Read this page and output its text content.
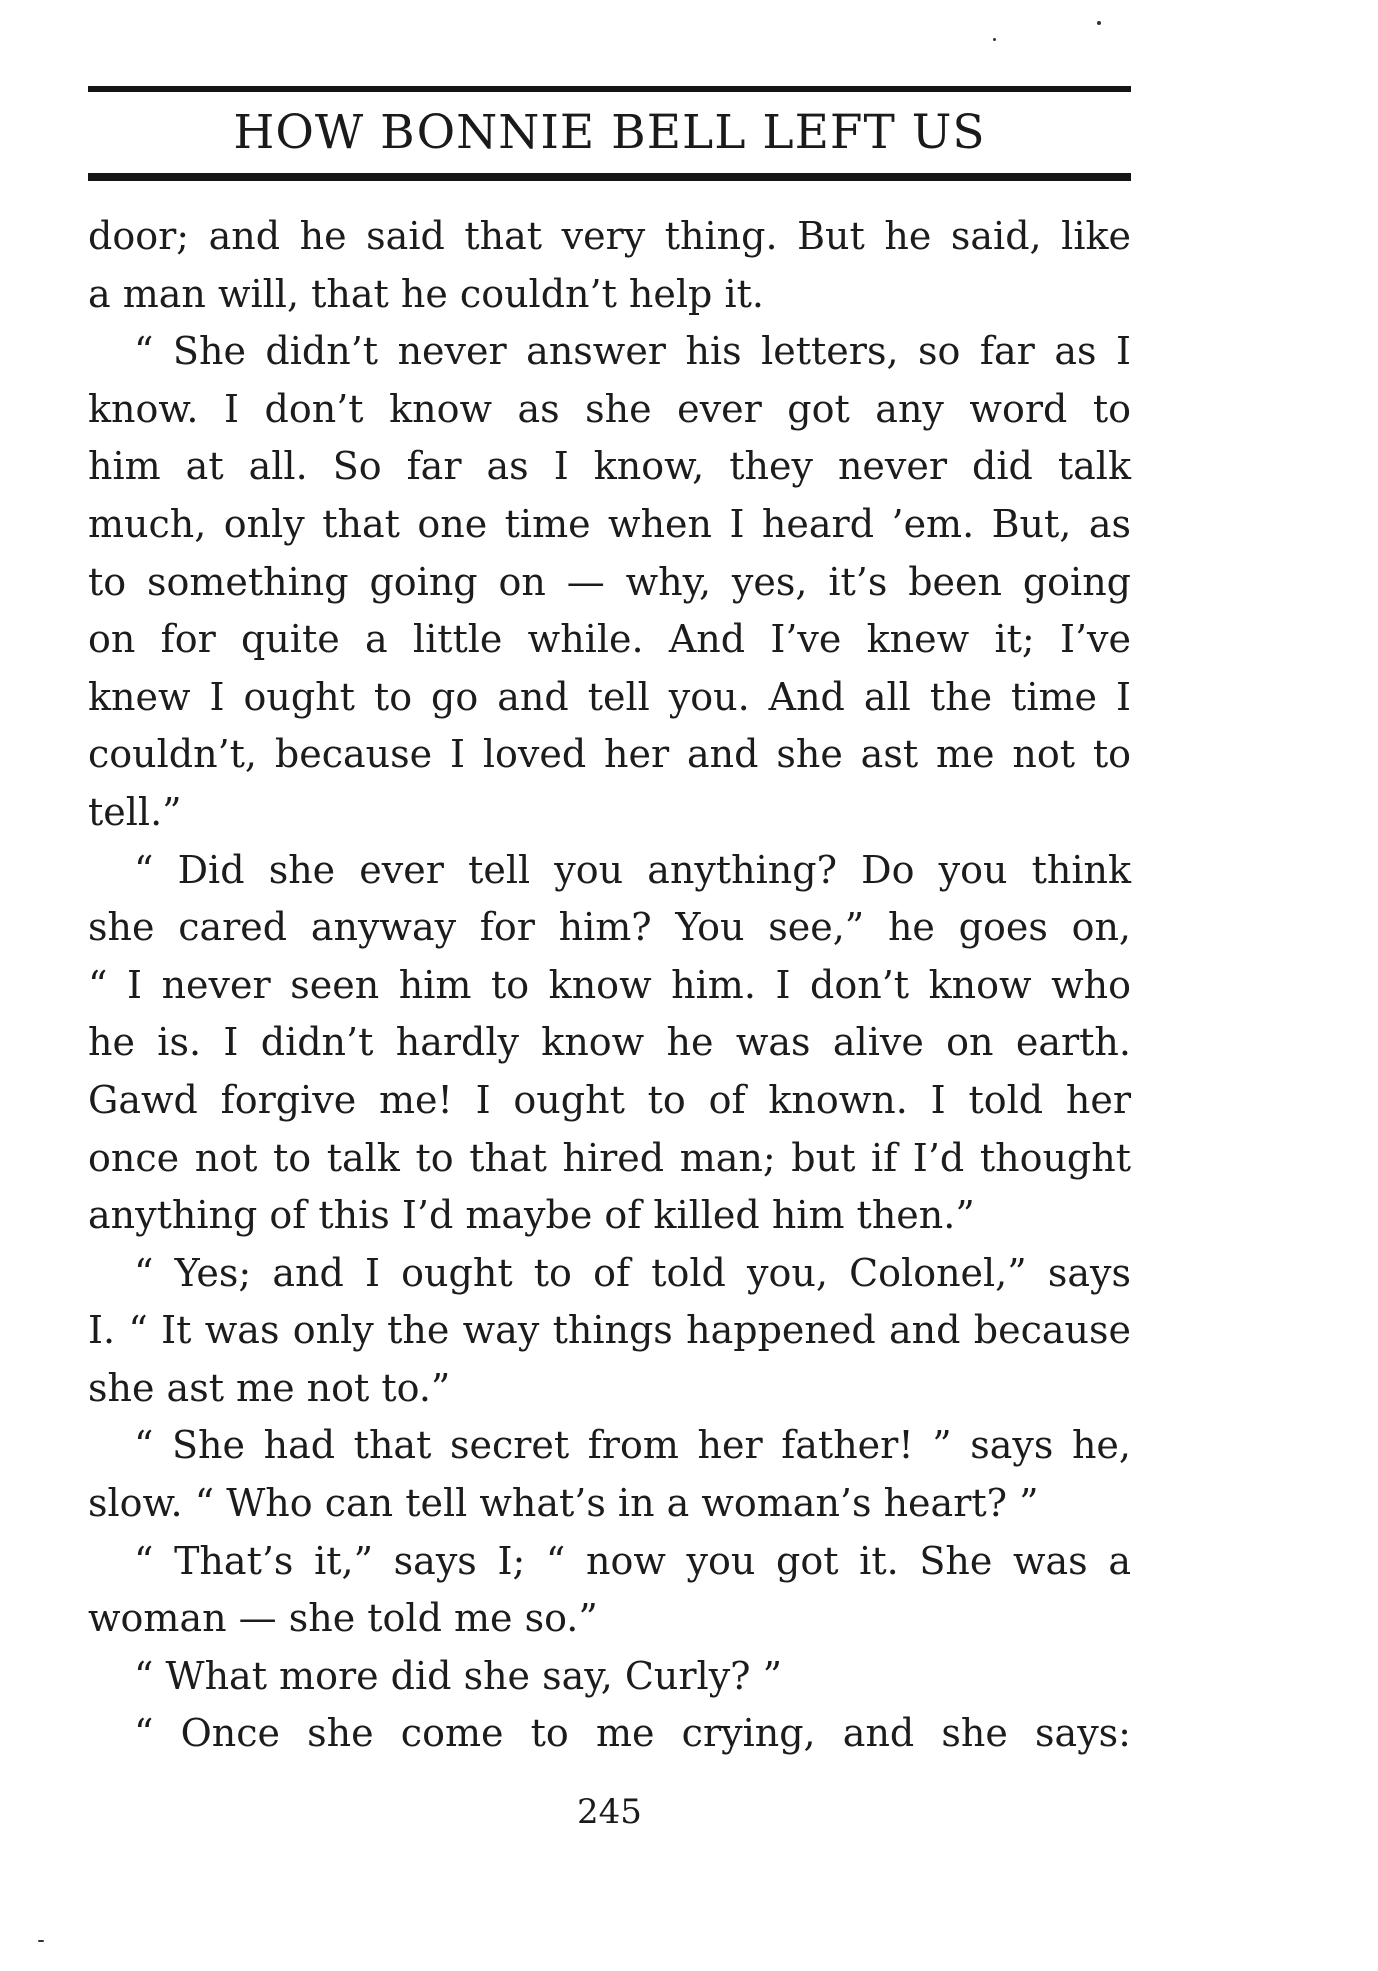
HOW BONNIE BELL LEFT US
door; and he said that very thing. But he said, like
a man will, that he couldn’t help it.
“ She didn’t never answer his letters, so far as I
know. I don’t know as she ever got any word to
him at all. So far as I know, they never did talk
much, only that one time when I heard ’em. But, as
to something going on — why, yes, it’s been going
on for quite a little while. And I’ve knew it; I’ve
knew I ought to go and tell you. And all the time I
couldn’t, because I loved her and she ast me not to
tell.”
“ Did she ever tell you anything? Do you think
she cared anyway for him? You see,” he goes on,
“ I never seen him to know him. I don’t know who
he is. I didn’t hardly know he was alive on earth.
Gawd forgive me! I ought to of known. I told her
once not to talk to that hired man; but if I’d thought
anything of this I’d maybe of killed him then.”
“ Yes; and I ought to of told you, Colonel,” says
I. “ It was only the way things happened and because
she ast me not to.”
“ She had that secret from her father! ” says he,
slow. “ Who can tell what’s in a woman’s heart? ”
“ That’s it,” says I; “ now you got it. She was a
woman — she told me so.”
“ What more did she say, Curly? ”
“ Once she come to me crying, and she says:
245
